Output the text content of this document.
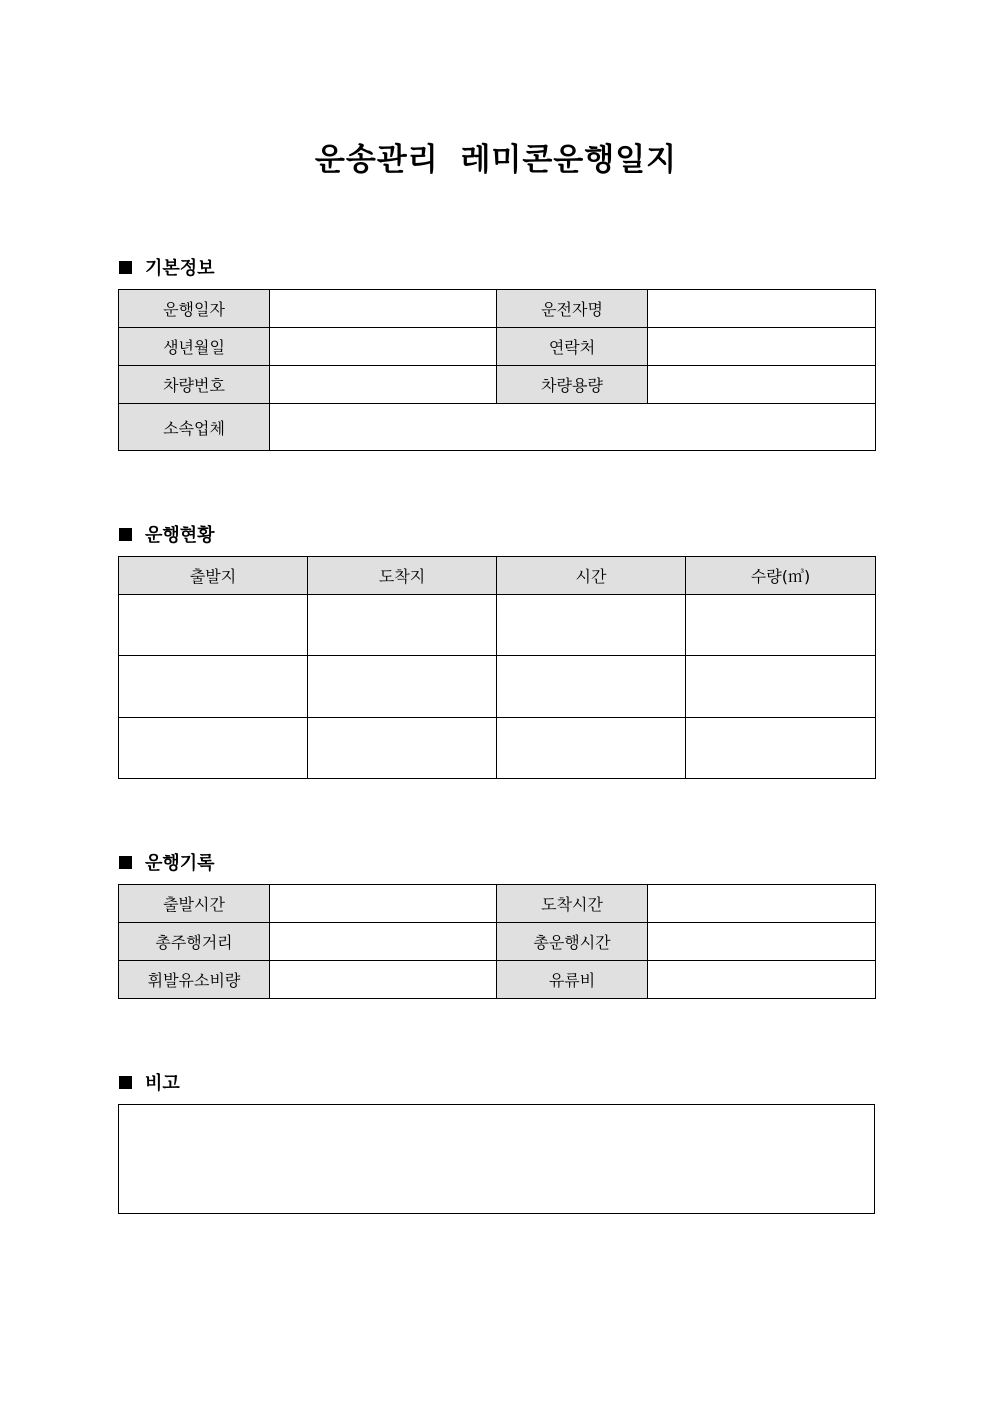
운송관리 레미콘운행일지
기본정보
운행일자		운전자명	
생년월일		연락처	
차량번호		차량용량	
소속업체			
운행현황
출발지	도착지	시간	수량(㎥)

운행기록
출발시간		도착시간	
총주행거리		총운행시간	
휘발유소비량		유류비	
비고
